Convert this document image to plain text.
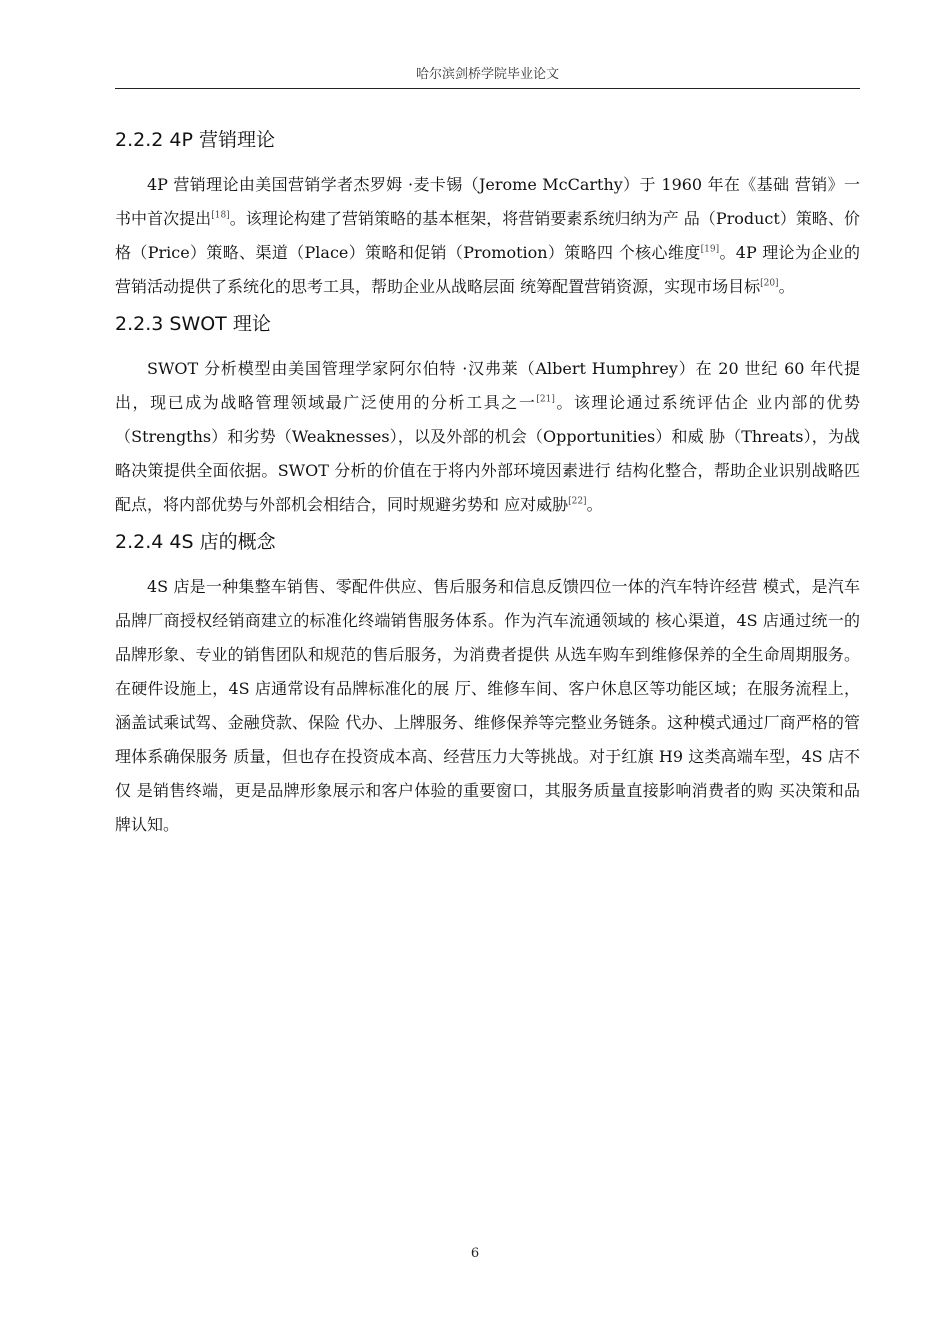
哈尔滨剑桥学院毕业论文
2.2.2 4P 营销理论

4P 营销理论由美国营销学者杰罗姆 ·麦卡锡（Jerome McCarthy）于 1960 年在《基础 营销》一书中首次提出[18]。该理论构建了营销策略的基本框架，将营销要素系统归纳为产 品（Product）策略、价格（Price）策略、渠道（Place）策略和促销（Promotion）策略四 个核心维度[19]。4P 理论为企业的营销活动提供了系统化的思考工具，帮助企业从战略层面 统筹配置营销资源，实现市场目标[20]。

2.2.3 SWOT 理论

SWOT 分析模型由美国管理学家阿尔伯特 ·汉弗莱（Albert Humphrey）在 20 世纪 60 年代提出，现已成为战略管理领域最广泛使用的分析工具之一[21]。该理论通过系统评估企 业内部的优势（Strengths）和劣势（Weaknesses），以及外部的机会（Opportunities）和威 胁（Threats），为战略决策提供全面依据。SWOT 分析的价值在于将内外部环境因素进行 结构化整合，帮助企业识别战略匹配点，将内部优势与外部机会相结合，同时规避劣势和 应对威胁[22]。

2.2.4 4S 店的概念

4S 店是一种集整车销售、零配件供应、售后服务和信息反馈四位一体的汽车特许经营 模式，是汽车品牌厂商授权经销商建立的标准化终端销售服务体系。作为汽车流通领域的 核心渠道，4S 店通过统一的品牌形象、专业的销售团队和规范的售后服务，为消费者提供 从选车购车到维修保养的全生命周期服务。在硬件设施上，4S 店通常设有品牌标准化的展 厅、维修车间、客户休息区等功能区域；在服务流程上，涵盖试乘试驾、金融贷款、保险 代办、上牌服务、维修保养等完整业务链条。这种模式通过厂商严格的管理体系确保服务 质量，但也存在投资成本高、经营压力大等挑战。对于红旗 H9 这类高端车型，4S 店不仅 是销售终端，更是品牌形象展示和客户体验的重要窗口，其服务质量直接影响消费者的购 买决策和品牌认知。

6
